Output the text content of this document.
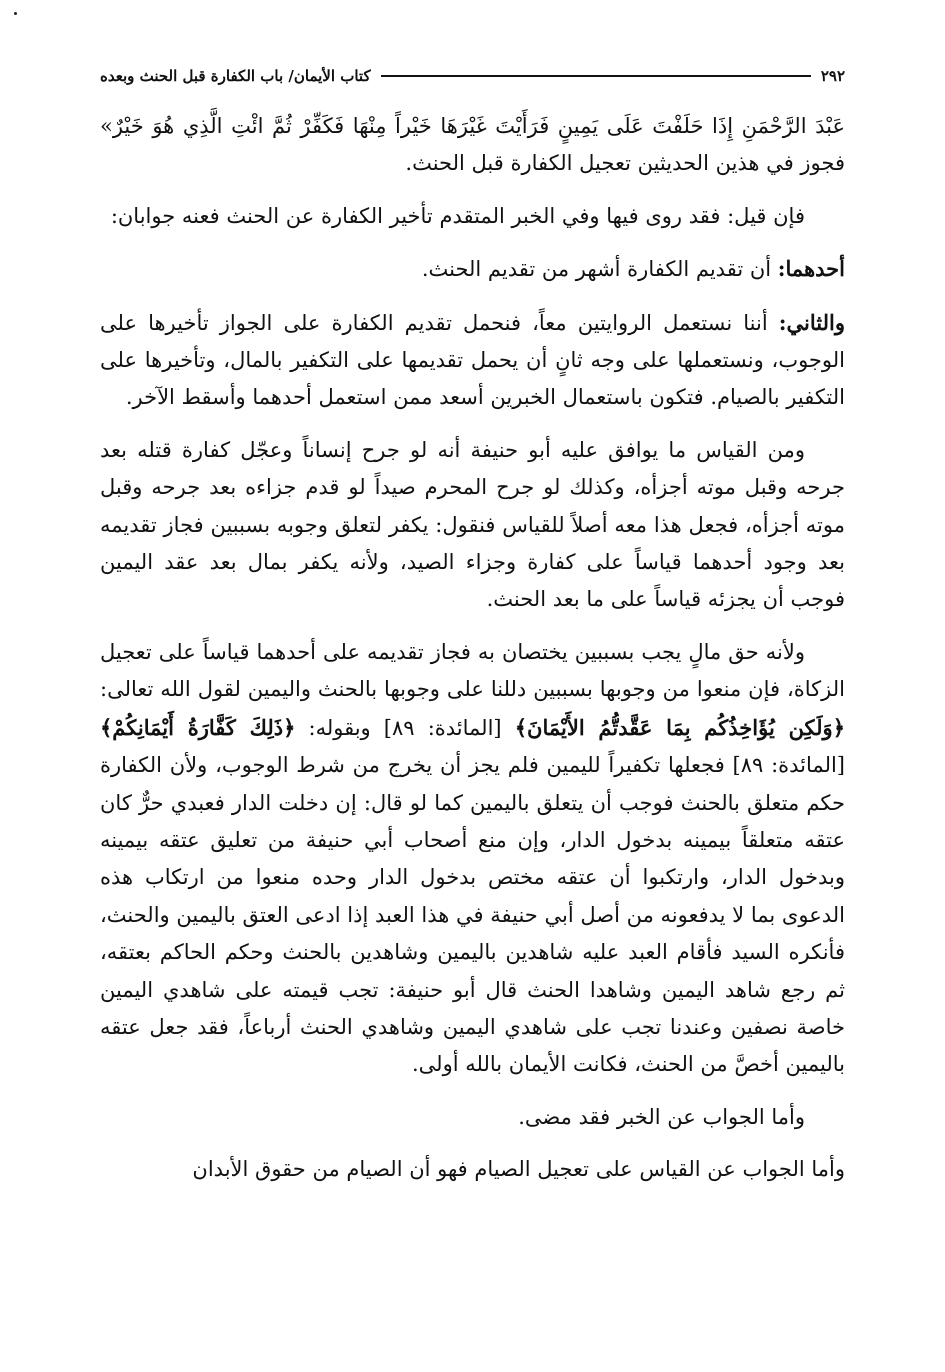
٢٩٢
كتاب الأيمان/ باب الكفارة قبل الحنث وبعده

عَبْدَ الرَّحْمَنِ إِذَا حَلَفْتَ عَلَى يَمِينٍ فَرَأَيْتَ غَيْرَهَا خَيْراً مِنْهَا فَكَفِّرْ ثُمَّ ائْتِ الَّذِي هُوَ خَيْرٌ» فجوز في هذين الحديثين تعجيل الكفارة قبل الحنث.

فإن قيل: فقد روى فيها وفي الخبر المتقدم تأخير الكفارة عن الحنث فعنه جوابان:

أحدهما: أن تقديم الكفارة أشهر من تقديم الحنث.

والثاني: أننا نستعمل الروايتين معاً، فنحمل تقديم الكفارة على الجواز تأخيرها على الوجوب، ونستعملها على وجه ثانٍ أن يحمل تقديمها على التكفير بالمال، وتأخيرها على التكفير بالصيام. فتكون باستعمال الخبرين أسعد ممن استعمل أحدهما وأسقط الآخر.

ومن القياس ما يوافق عليه أبو حنيفة أنه لو جرح إنساناً وعجّل كفارة قتله بعد جرحه وقبل موته أجزأه، وكذلك لو جرح المحرم صيداً لو قدم جزاءه بعد جرحه وقبل موته أجزأه، فجعل هذا معه أصلاً للقياس فنقول: يكفر لتعلق وجوبه بسببين فجاز تقديمه بعد وجود أحدهما قياساً على كفارة وجزاء الصيد، ولأنه يكفر بمال بعد عقد اليمين فوجب أن يجزئه قياساً على ما بعد الحنث.

ولأنه حق مالٍ يجب بسببين يختصان به فجاز تقديمه على أحدهما قياساً على تعجيل الزكاة، فإن منعوا من وجوبها بسببين دللنا على وجوبها بالحنث واليمين لقول الله تعالى: ﴿وَلَكِن يُؤَاخِذُكُم بِمَا عَقَّدتُّمُ الأَيْمَانَ﴾ [المائدة: ٨٩] وبقوله: ﴿ذَلِكَ كَفَّارَةُ أَيْمَانِكُمْ﴾ [المائدة: ٨٩] فجعلها تكفيراً لليمين فلم يجز أن يخرج من شرط الوجوب، ولأن الكفارة حكم متعلق بالحنث فوجب أن يتعلق باليمين كما لو قال: إن دخلت الدار فعبدي حرٌّ كان عتقه متعلقاً بيمينه بدخول الدار، وإن منع أصحاب أبي حنيفة من تعليق عتقه بيمينه وبدخول الدار، وارتكبوا أن عتقه مختص بدخول الدار وحده منعوا من ارتكاب هذه الدعوى بما لا يدفعونه من أصل أبي حنيفة في هذا العبد إذا ادعى العتق باليمين والحنث، فأنكره السيد فأقام العبد عليه شاهدين باليمين وشاهدين بالحنث وحكم الحاكم بعتقه، ثم رجع شاهد اليمين وشاهدا الحنث قال أبو حنيفة: تجب قيمته على شاهدي اليمين خاصة نصفين وعندنا تجب على شاهدي اليمين وشاهدي الحنث أرباعاً، فقد جعل عتقه باليمين أخصَّ من الحنث، فكانت الأيمان بالله أولى.

وأما الجواب عن الخبر فقد مضى.

وأما الجواب عن القياس على تعجيل الصيام فهو أن الصيام من حقوق الأبدان
